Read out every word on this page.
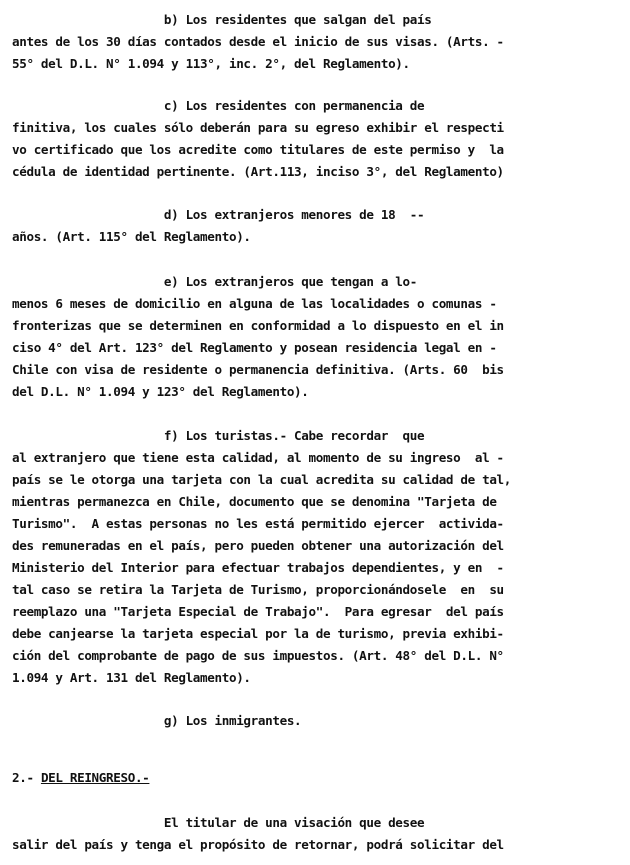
b) Los residentes que salgan del país
antes de los 30 días contados desde el inicio de sus visas. (Arts. -
55° del D.L. N° 1.094 y 113°, inc. 2°, del Reglamento).
c) Los residentes con permanencia de
finitiva, los cuales sólo deberán para su egreso exhibir el respecti
vo certificado que los acredite como titulares de este permiso y  la
cédula de identidad pertinente. (Art.113, inciso 3°, del Reglamento)
d) Los extranjeros menores de 18  --
años. (Art. 115° del Reglamento).
e) Los extranjeros que tengan a lo-
menos 6 meses de domicilio en alguna de las localidades o comunas -
fronterizas que se determinen en conformidad a lo dispuesto en el in
ciso 4° del Art. 123° del Reglamento y posean residencia legal en -
Chile con visa de residente o permanencia definitiva. (Arts. 60  bis
del D.L. N° 1.094 y 123° del Reglamento).
f) Los turistas.- Cabe recordar  que
al extranjero que tiene esta calidad, al momento de su ingreso  al -
país se le otorga una tarjeta con la cual acredita su calidad de tal,
mientras permanezca en Chile, documento que se denomina "Tarjeta de
Turismo".  A estas personas no les está permitido ejercer  activida-
des remuneradas en el país, pero pueden obtener una autorización del
Ministerio del Interior para efectuar trabajos dependientes, y en  -
tal caso se retira la Tarjeta de Turismo, proporcionándosele  en  su
reemplazo una "Tarjeta Especial de Trabajo".  Para egresar  del país
debe canjearse la tarjeta especial por la de turismo, previa exhibi-
ción del comprobante de pago de sus impuestos. (Art. 48° del D.L. N°
1.094 y Art. 131 del Reglamento).
g) Los inmigrantes.
2.- DEL REINGRESO.-
El titular de una visación que desee
salir del país y tenga el propósito de retornar, podrá solicitar del
